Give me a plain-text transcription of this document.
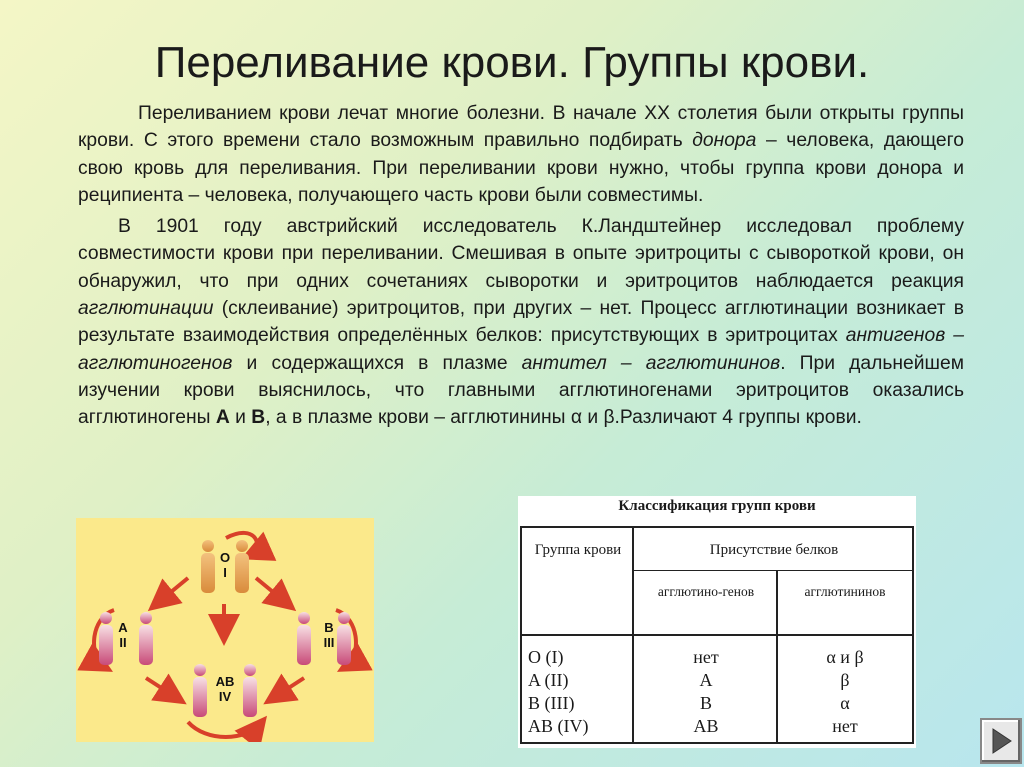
Переливание крови. Группы крови.

Переливанием крови лечат многие болезни. В начале XX столетия были открыты группы крови. С этого времени стало возможным правильно подбирать донора – человека, дающего свою кровь для переливания. При переливании крови нужно, чтобы группа крови донора и реципиента – человека, получающего часть крови были совместимы.

В 1901 году австрийский исследователь К.Ландштейнер исследовал проблему совместимости крови при переливании. Смешивая в опыте эритроциты с сывороткой крови, он обнаружил, что при одних сочетаниях сыворотки и эритроцитов наблюдается реакция агглютинации (склеивание) эритроцитов, при других – нет. Процесс агглютинации возникает в результате взаимодействия определённых белков: присутствующих в эритроцитах антигенов – агглютиногенов и содержащихся в плазме антител – агглютининов. При дальнейшем изучении крови выяснилось, что главными агглютиногенами эритроцитов оказались агглютиногены А и В, а в плазме крови – агглютинины α и β.Различают 4 группы крови.

O
I
A
II
B
III
AB
IV
Классификация групп крови
Группа крови	Присутствие белков
агглютино-генов	агглютининов
O (I)
A (II)
B (III)
AB (IV)
нет
A
B
AB
α и β
β
α
нет
